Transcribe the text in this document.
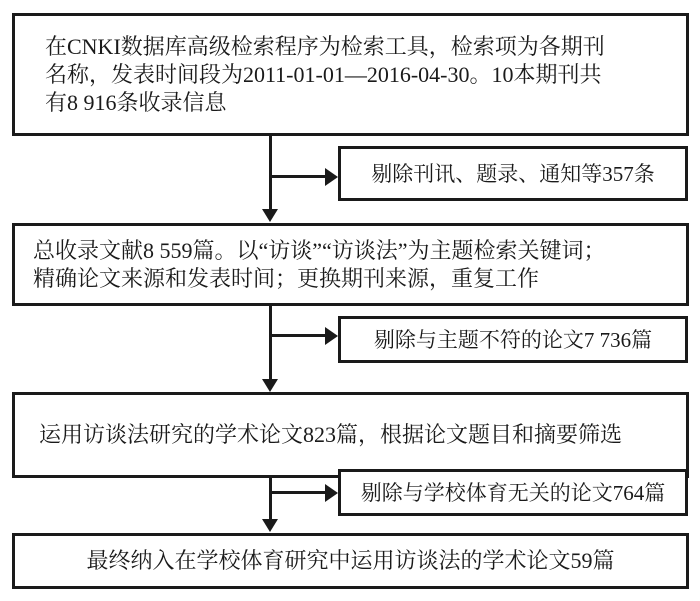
在CNKI数据库高级检索程序为检索工具，检索项为各期刊
名称，发表时间段为2011-01-01—2016-04-30。10本期刊共
有8 916条收录信息
总收录文献8 559篇。以“访谈”“访谈法”为主题检索关键词；
精确论文来源和发表时间；更换期刊来源，重复工作
运用访谈法研究的学术论文823篇，根据论文题目和摘要筛选
最终纳入在学校体育研究中运用访谈法的学术论文59篇
剔除刊讯、题录、通知等357条
剔除与主题不符的论文7 736篇
剔除与学校体育无关的论文764篇
